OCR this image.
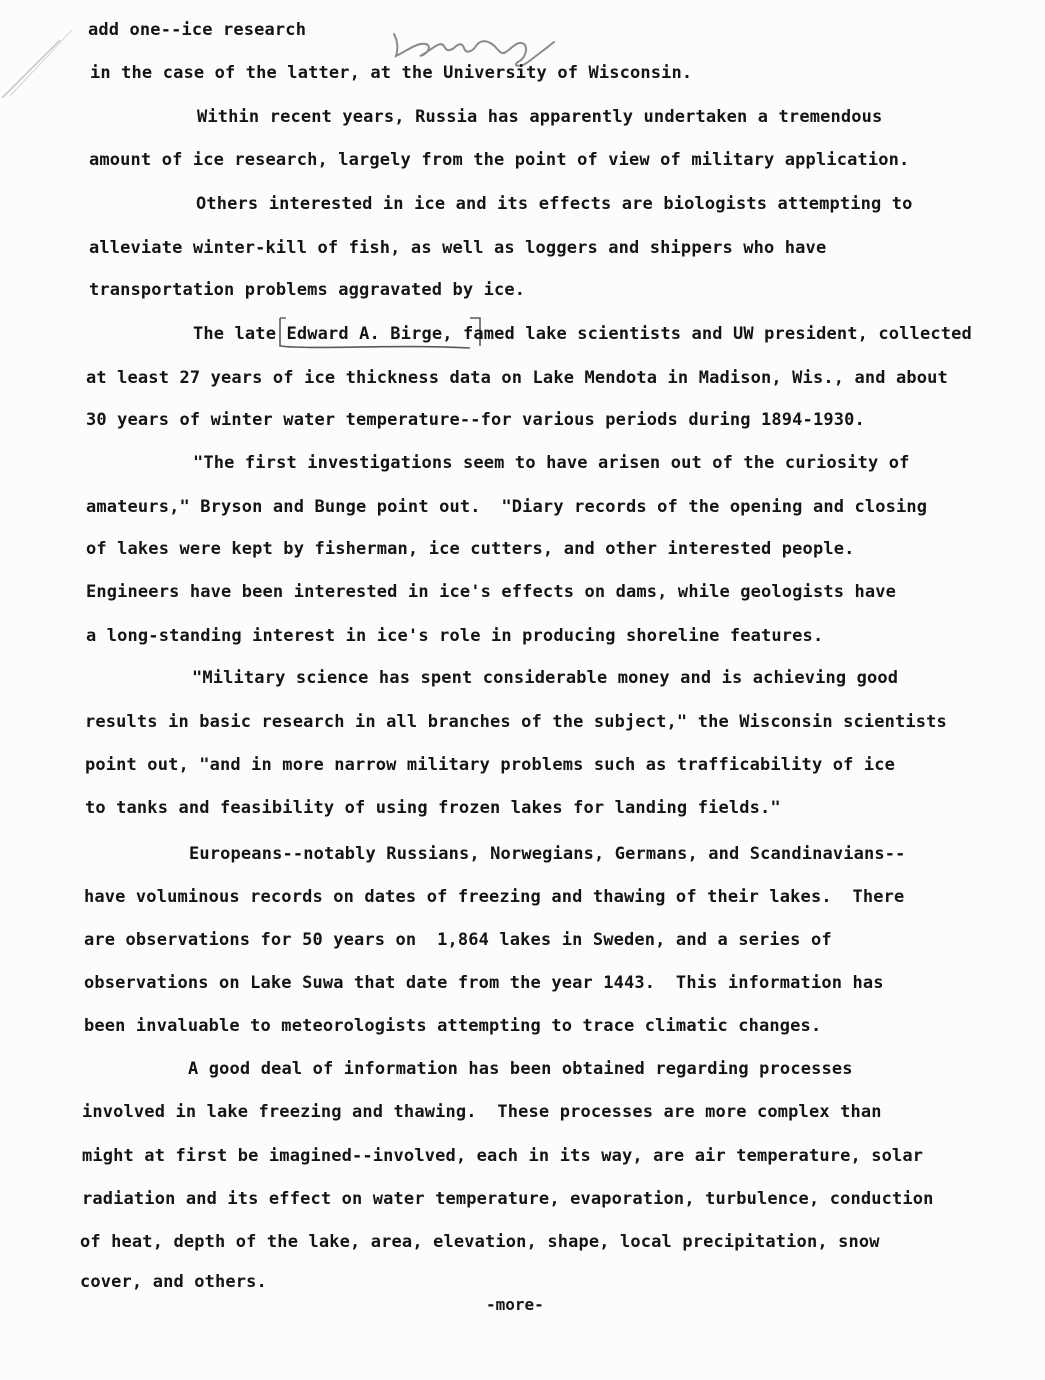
add one--ice research
in the case of the latter, at the University of Wisconsin.
Within recent years, Russia has apparently undertaken a tremendous
amount of ice research, largely from the point of view of military application.
Others interested in ice and its effects are biologists attempting to
alleviate winter-kill of fish, as well as loggers and shippers who have
transportation problems aggravated by ice.
The late Edward A. Birge, famed lake scientists and UW president, collected
at least 27 years of ice thickness data on Lake Mendota in Madison, Wis., and about
30 years of winter water temperature--for various periods during 1894-1930.
"The first investigations seem to have arisen out of the curiosity of
amateurs," Bryson and Bunge point out.  "Diary records of the opening and closing
of lakes were kept by fisherman, ice cutters, and other interested people.
Engineers have been interested in ice's effects on dams, while geologists have
a long-standing interest in ice's role in producing shoreline features.
"Military science has spent considerable money and is achieving good
results in basic research in all branches of the subject," the Wisconsin scientists
point out, "and in more narrow military problems such as trafficability of ice
to tanks and feasibility of using frozen lakes for landing fields."
Europeans--notably Russians, Norwegians, Germans, and Scandinavians--
have voluminous records on dates of freezing and thawing of their lakes.  There
are observations for 50 years on  1,864 lakes in Sweden, and a series of
observations on Lake Suwa that date from the year 1443.  This information has
been invaluable to meteorologists attempting to trace climatic changes.
A good deal of information has been obtained regarding processes
involved in lake freezing and thawing.  These processes are more complex than
might at first be imagined--involved, each in its way, are air temperature, solar
radiation and its effect on water temperature, evaporation, turbulence, conduction
of heat, depth of the lake, area, elevation, shape, local precipitation, snow
cover, and others.
-more-
